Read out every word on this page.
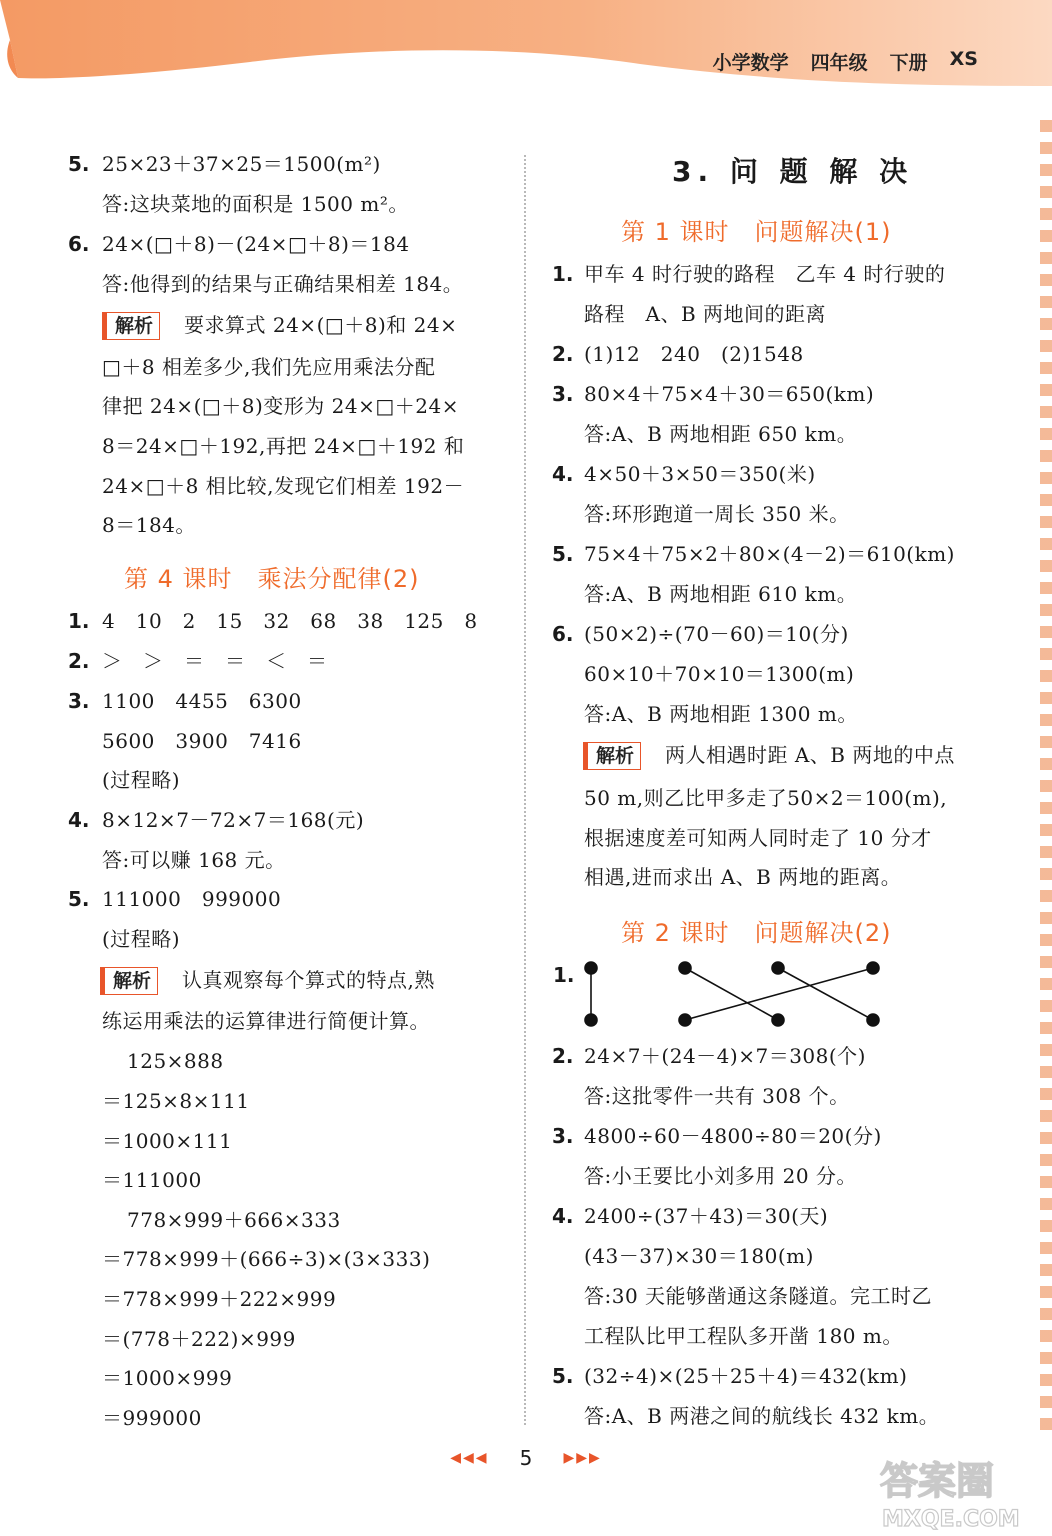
小学数学 四年级 下册 XS
5. 25×23＋37×25＝1500(m²)
答:这块菜地的面积是 1500 m²。
6. 24×(□＋8)－(24×□＋8)＝184
答:他得到的结果与正确结果相差 184。
解析	要求算式 24×(□＋8)和 24×
□＋8 相差多少,我们先应用乘法分配
律把 24×(□＋8)变形为 24×□＋24×
8＝24×□＋192,再把 24×□＋192 和
24×□＋8 相比较,发现它们相差 192－
8＝184。
第 4 课时　乘法分配律(2)
1. 4　10　2　15　32　68　38　125　8
2. ＞　＞　＝　＝　＜　＝
3. 1100　4455　6300
5600　3900　7416
(过程略)
4. 8×12×7－72×7＝168(元)
答:可以赚 168 元。
5. 111000　999000
(过程略)
解析	认真观察每个算式的特点,熟
练运用乘法的运算律进行简便计算。
125×888
＝125×8×111
＝1000×111
＝111000
778×999＋666×333
＝778×999＋(666÷3)×(3×333)
＝778×999＋222×999
＝(778＋222)×999
＝1000×999
＝999000
3. 问 题 解 决
第 1 课时　问题解决(1)
1. 甲车 4 时行驶的路程　乙车 4 时行驶的
路程　A、B 两地间的距离
2. (1)12　240　(2)1548
3. 80×4＋75×4＋30＝650(km)
答:A、B 两地相距 650 km。
4. 4×50＋3×50＝350(米)
答:环形跑道一周长 350 米。
5. 75×4＋75×2＋80×(4－2)＝610(km)
答:A、B 两地相距 610 km。
6. (50×2)÷(70－60)＝10(分)
60×10＋70×10＝1300(m)
答:A、B 两地相距 1300 m。
解析	两人相遇时距 A、B 两地的中点
50 m,则乙比甲多走了50×2＝100(m),
根据速度差可知两人同时走了 10 分才
相遇,进而求出 A、B 两地的距离。
第 2 课时　问题解决(2)
2. 24×7＋(24－4)×7＝308(个)
答:这批零件一共有 308 个。
3. 4800÷60－4800÷80＝20(分)
答:小王要比小刘多用 20 分。
4. 2400÷(37＋43)＝30(天)
(43－37)×30＝180(m)
答:30 天能够凿通这条隧道。完工时乙
工程队比甲工程队多开凿 180 m。
5. (32÷4)×(25＋25＋4)＝432(km)
答:A、B 两港之间的航线长 432 km。
1.
◀◀◀ 5 ▶▶▶
答案圈
MXQE.COM
